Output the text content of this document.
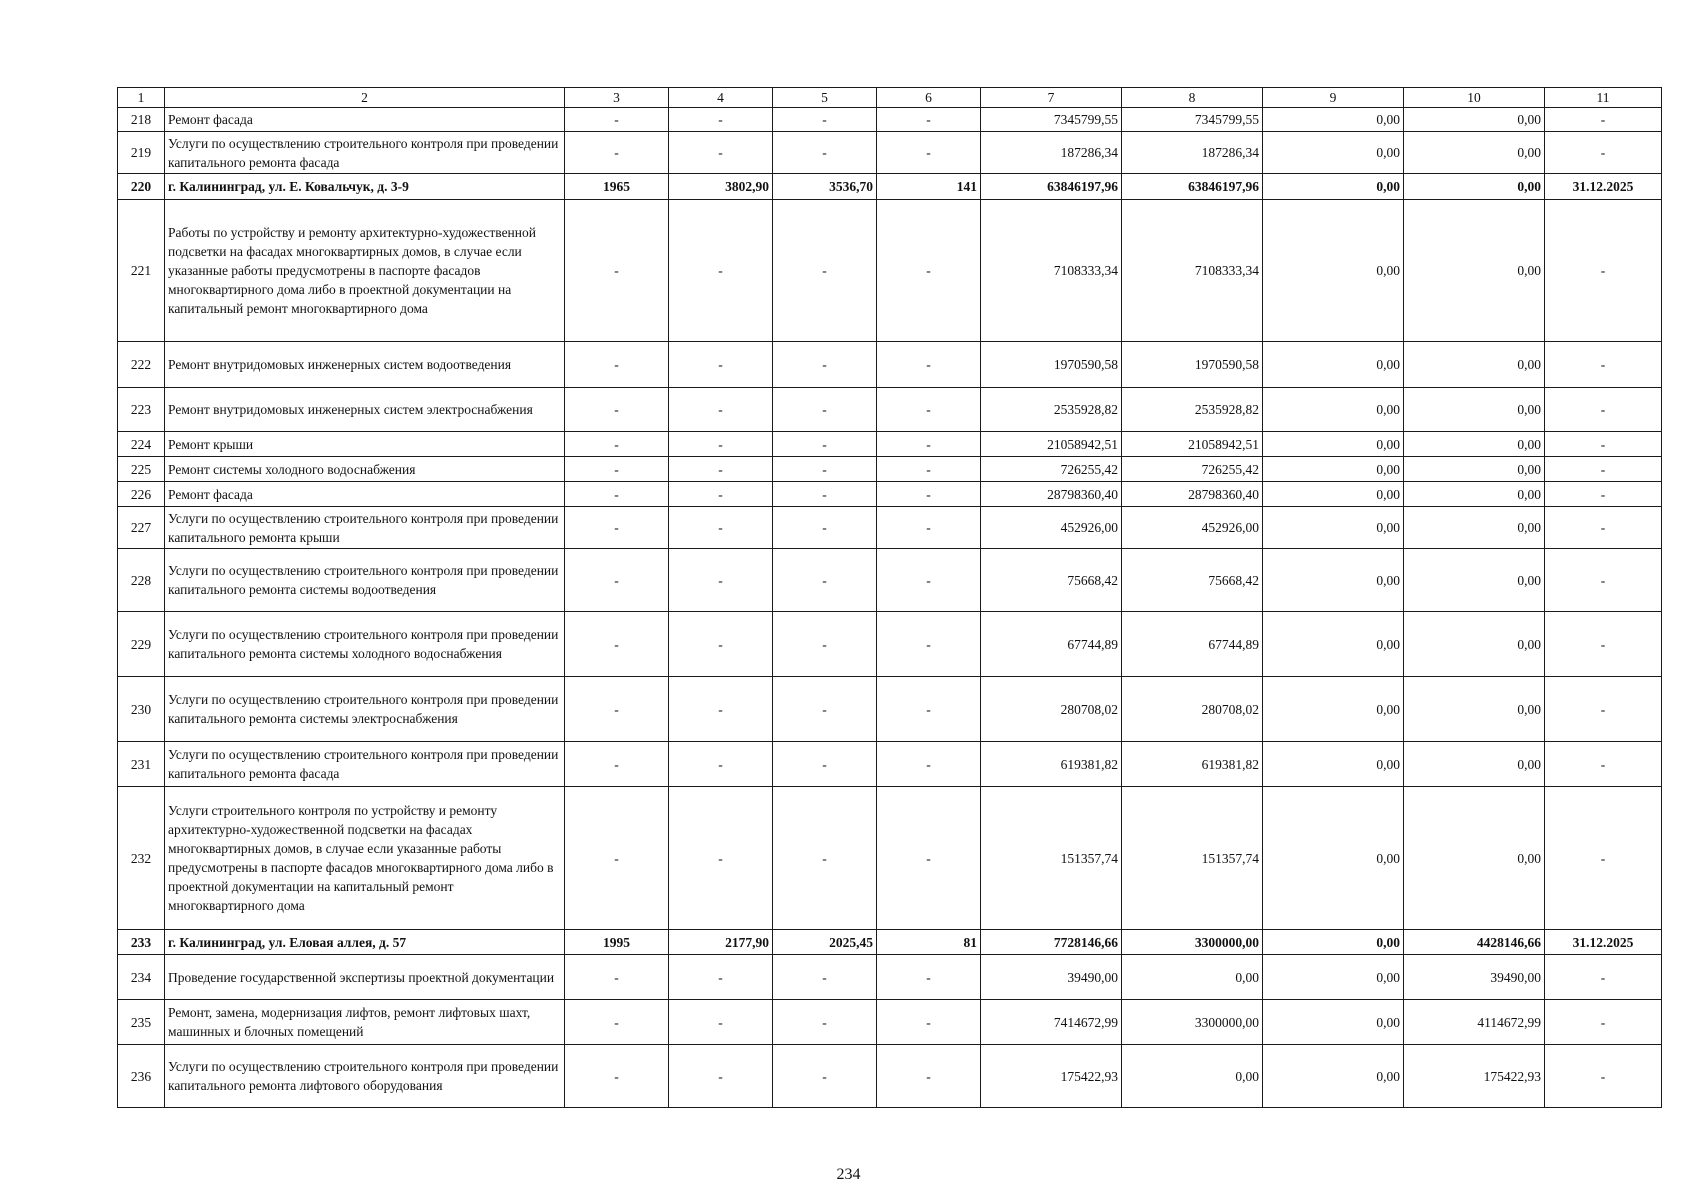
1	2	3	4	5	6	7	8	9	10	11
218	Ремонт фасада	-	-	-	-	7345799,55	7345799,55	0,00	0,00	-
219	Услуги по осуществлению строительного контроля при проведении капитального ремонта фасада	-	-	-	-	187286,34	187286,34	0,00	0,00	-
220	г. Калининград, ул. Е. Ковальчук, д. 3-9	1965	3802,90	3536,70	141	63846197,96	63846197,96	0,00	0,00	31.12.2025
221	Работы по устройству и ремонту архитектурно-художественной подсветки на фасадах многоквартирных домов, в случае если указанные работы предусмотрены в паспорте фасадов многоквартирного дома либо в проектной документации на капитальный ремонт многоквартирного дома	-	-	-	-	7108333,34	7108333,34	0,00	0,00	-
222	Ремонт внутридомовых инженерных систем водоотведения	-	-	-	-	1970590,58	1970590,58	0,00	0,00	-
223	Ремонт внутридомовых инженерных систем электроснабжения	-	-	-	-	2535928,82	2535928,82	0,00	0,00	-
224	Ремонт крыши	-	-	-	-	21058942,51	21058942,51	0,00	0,00	-
225	Ремонт системы холодного водоснабжения	-	-	-	-	726255,42	726255,42	0,00	0,00	-
226	Ремонт фасада	-	-	-	-	28798360,40	28798360,40	0,00	0,00	-
227	Услуги по осуществлению строительного контроля при проведении капитального ремонта крыши	-	-	-	-	452926,00	452926,00	0,00	0,00	-
228	Услуги по осуществлению строительного контроля при проведении капитального ремонта системы водоотведения	-	-	-	-	75668,42	75668,42	0,00	0,00	-
229	Услуги по осуществлению строительного контроля при проведении капитального ремонта системы холодного водоснабжения	-	-	-	-	67744,89	67744,89	0,00	0,00	-
230	Услуги по осуществлению строительного контроля при проведении капитального ремонта системы электроснабжения	-	-	-	-	280708,02	280708,02	0,00	0,00	-
231	Услуги по осуществлению строительного контроля при проведении капитального ремонта фасада	-	-	-	-	619381,82	619381,82	0,00	0,00	-
232	Услуги строительного контроля по устройству и ремонту архитектурно-художественной подсветки на фасадах многоквартирных домов, в случае если указанные работы предусмотрены в паспорте фасадов многоквартирного дома либо в проектной документации на капитальный ремонт многоквартирного дома	-	-	-	-	151357,74	151357,74	0,00	0,00	-
233	г. Калининград, ул. Еловая аллея, д. 57	1995	2177,90	2025,45	81	7728146,66	3300000,00	0,00	4428146,66	31.12.2025
234	Проведение государственной экспертизы проектной документации	-	-	-	-	39490,00	0,00	0,00	39490,00	-
235	Ремонт, замена, модернизация лифтов, ремонт лифтовых шахт, машинных и блочных помещений	-	-	-	-	7414672,99	3300000,00	0,00	4114672,99	-
236	Услуги по осуществлению строительного контроля при проведении капитального ремонта лифтового оборудования	-	-	-	-	175422,93	0,00	0,00	175422,93	-
234
